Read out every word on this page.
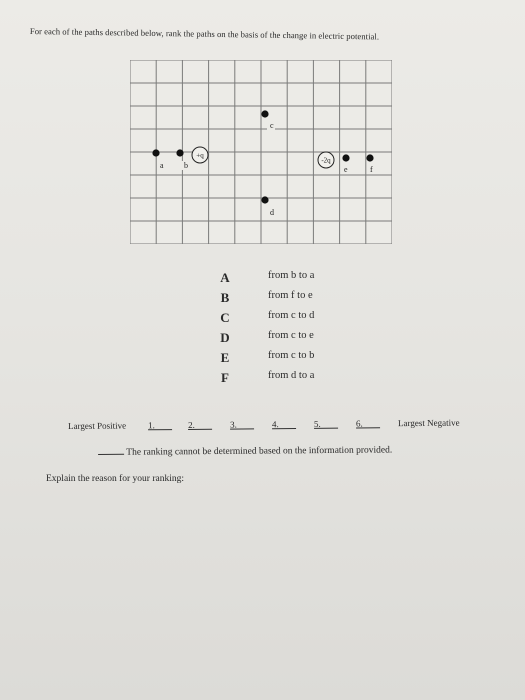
For each of the paths described below, rank the paths on the basis of the change in electric potential.
a	b
c
d
e	f
+q
-2q
A	from b to a
B	from f to e
C	from c to d
D	from c to e
E	from c to b
F	from d to a
Largest Positive 1.	2.	3.	4.	5.	6.	Largest Negative
The ranking cannot be determined based on the information provided.
Explain the reason for your ranking:
